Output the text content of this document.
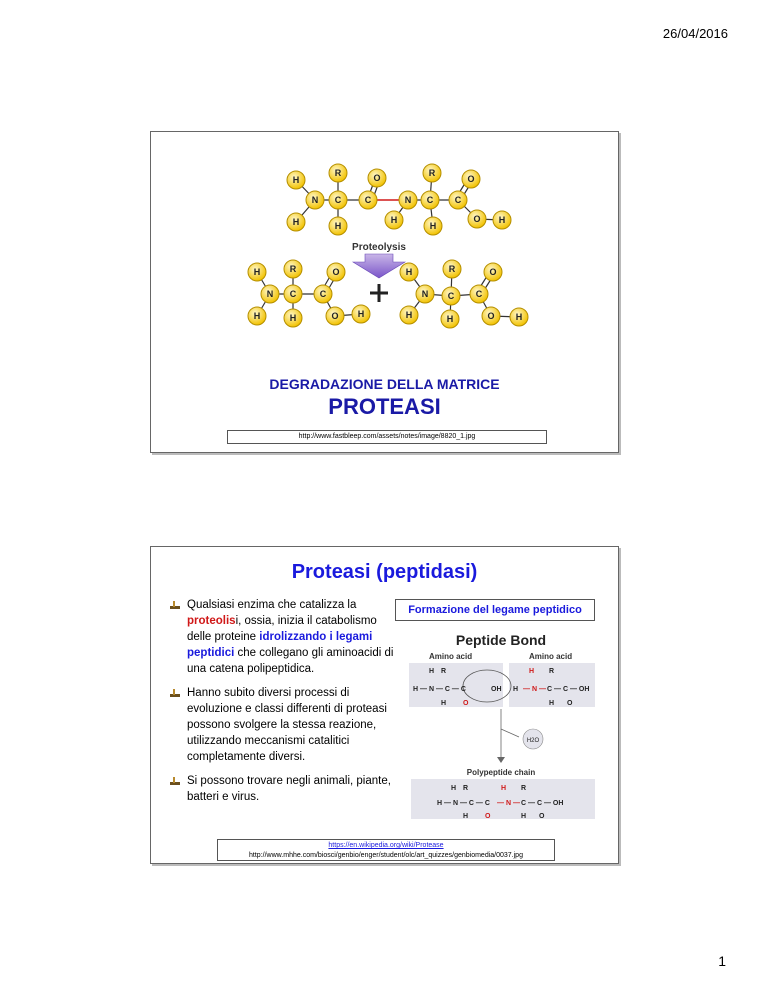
26/04/2016
H
N
H
R
C
H
C
O
N
H
R
C
H
C
O
O H
H
N
H
R
C
H
C
O
O H
H
N
H
R
C
H
C
O
O H
Proteolysis
DEGRADAZIONE DELLA MATRICE
PROTEASI
http://www.fastbleep.com/assets/notes/image/8820_1.jpg
Proteasi (peptidasi)
Qualsiasi enzima che catalizza la proteolisi, ossia, inizia il catabolismo delle proteine idrolizzando i legami peptidici che collegano gli aminoacidi di una catena polipeptidica.
Hanno subito diversi processi di evoluzione e classi differenti di proteasi possono svolgere la stessa reazione, utilizzando meccanismi catalitici completamente diversi.
Si possono trovare negli animali, piante, batteri e virus.
Formazione del legame peptidico
Peptide Bond
Amino acid	Amino acid
H R
H — N — C — C	OH
H O
H — N — C — C — OH
H R
H O
H2O
Polypeptide chain
H R	H R
H — N — C — C — N — C — C — OH
H O	H O
https://en.wikipedia.org/wiki/Protease
http://www.mhhe.com/biosci/genbio/enger/student/olc/art_quizzes/genbiomedia/0037.jpg
1
